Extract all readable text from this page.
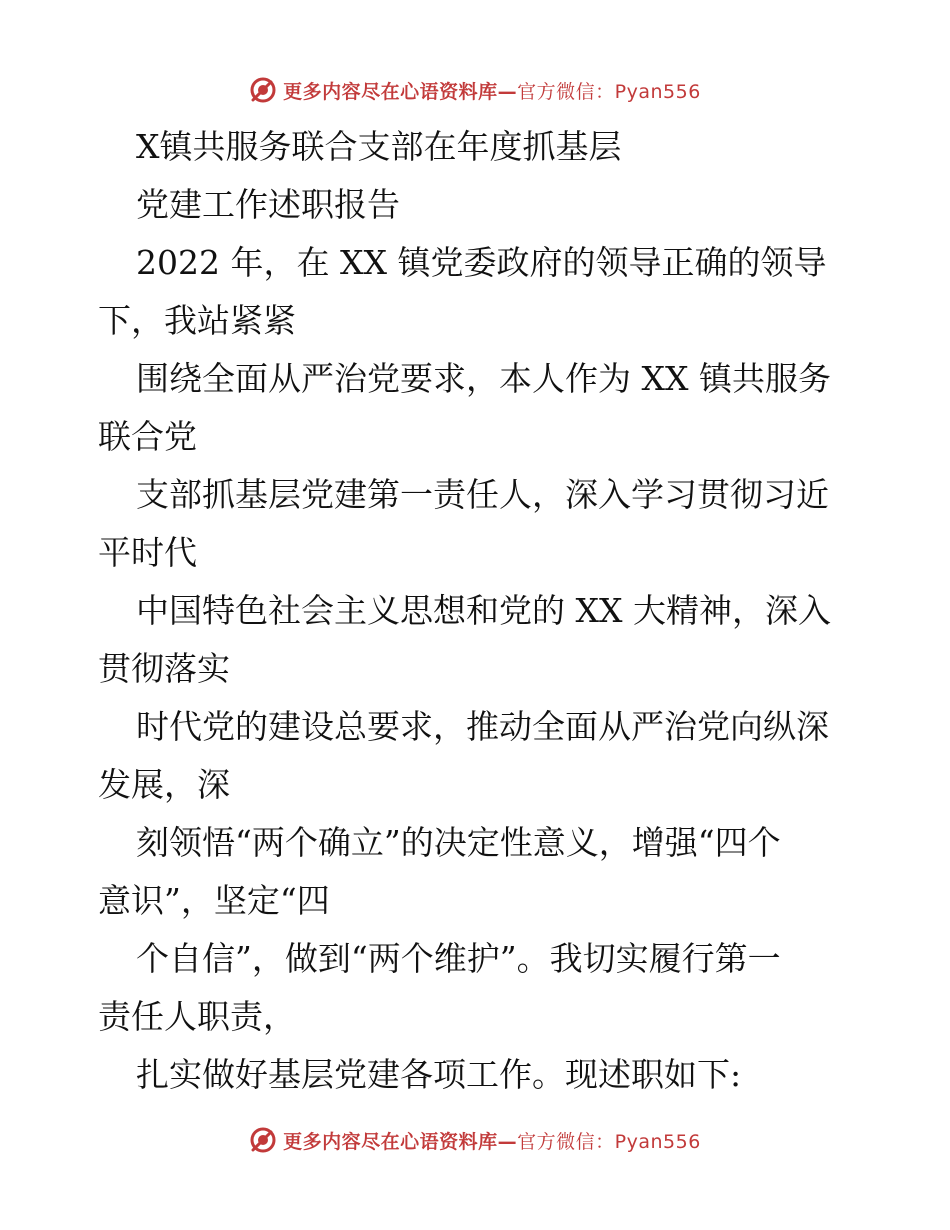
更多内容尽在心语资料库—官方微信：Pyan556
X镇共服务联合支部在年度抓基层
党建工作述职报告
2022 年，在 XX 镇党委政府的领导正确的领导
下，我站紧紧
围绕全面从严治党要求，本人作为 XX 镇共服务
联合党
支部抓基层党建第一责任人，深入学习贯彻习近
平时代
中国特色社会主义思想和党的 XX 大精神，深入
贯彻落实
时代党的建设总要求，推动全面从严治党向纵深
发展，深
刻领悟“两个确立”的决定性意义，增强“四个
意识”，坚定“四
个自信”，做到“两个维护”。我切实履行第一
责任人职责，
扎实做好基层党建各项工作。现述职如下:
更多内容尽在心语资料库—官方微信：Pyan556
